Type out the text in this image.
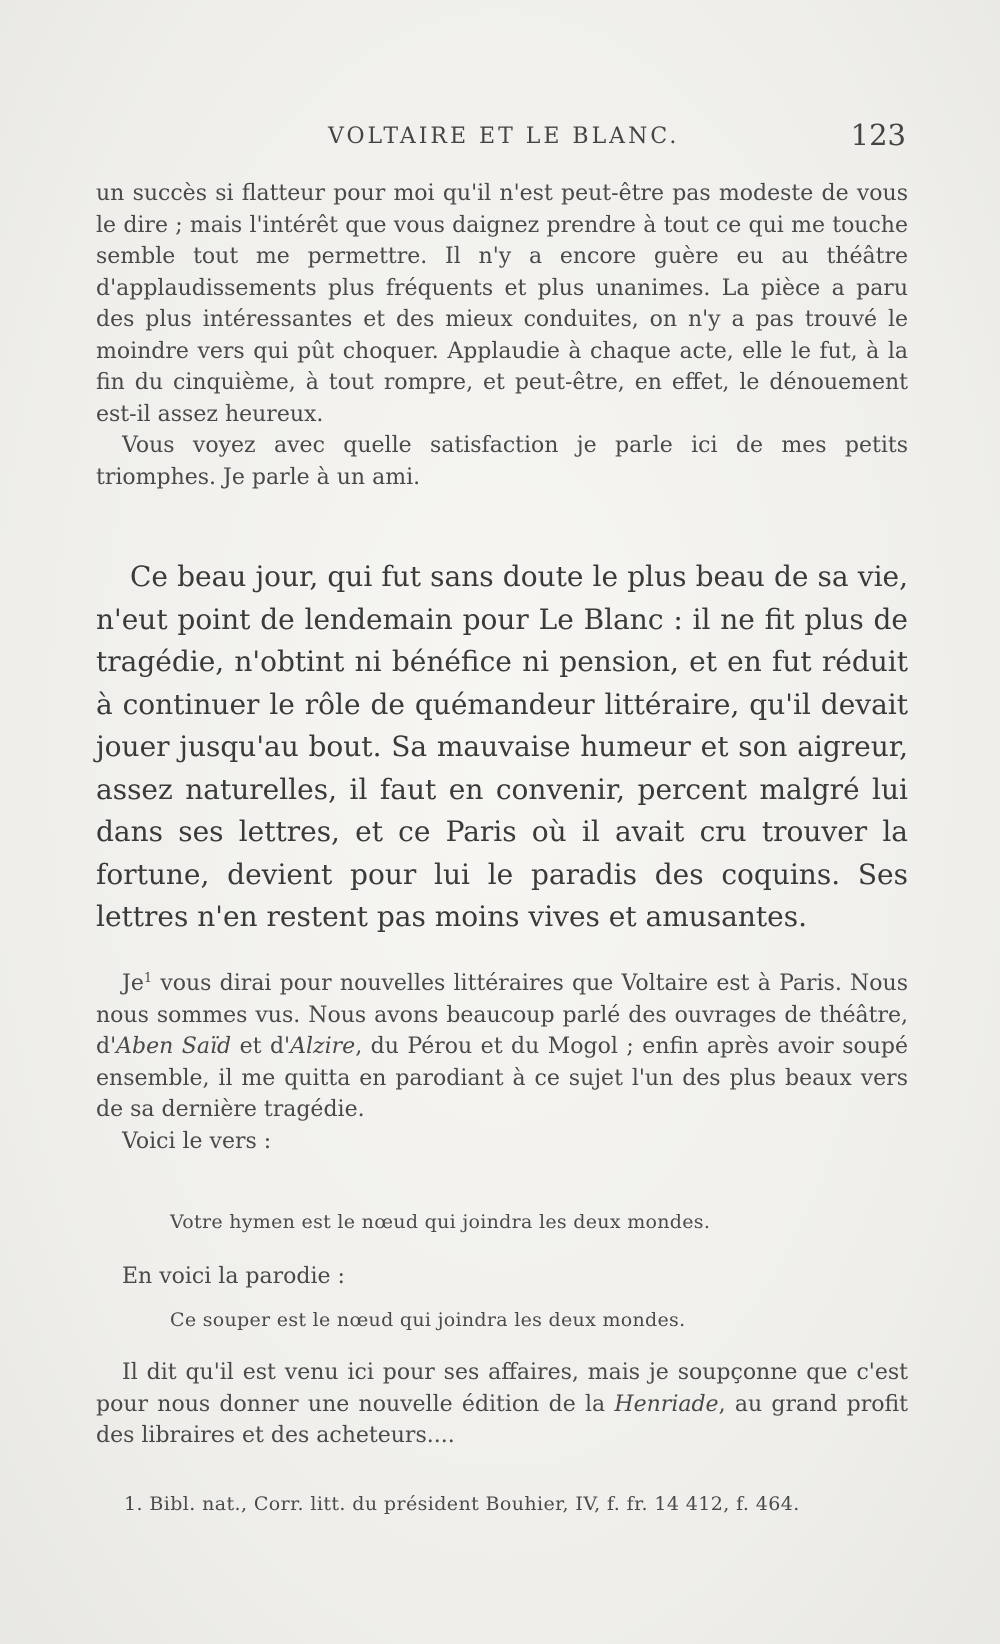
VOLTAIRE ET LE BLANC.	123

un succès si flatteur pour moi qu'il n'est peut-être pas modeste de vous le dire ; mais l'intérêt que vous daignez prendre à tout ce qui me touche semble tout me permettre. Il n'y a encore guère eu au théâtre d'applaudissements plus fréquents et plus unanimes. La pièce a paru des plus intéressantes et des mieux conduites, on n'y a pas trouvé le moindre vers qui pût choquer. Applaudie à chaque acte, elle le fut, à la fin du cinquième, à tout rompre, et peut-être, en effet, le dénouement est-il assez heureux.

Vous voyez avec quelle satisfaction je parle ici de mes petits triomphes. Je parle à un ami.

Ce beau jour, qui fut sans doute le plus beau de sa vie, n'eut point de lendemain pour Le Blanc : il ne fit plus de tragédie, n'obtint ni bénéfice ni pension, et en fut réduit à continuer le rôle de quémandeur littéraire, qu'il devait jouer jusqu'au bout. Sa mauvaise humeur et son aigreur, assez naturelles, il faut en convenir, percent malgré lui dans ses lettres, et ce Paris où il avait cru trouver la fortune, devient pour lui le paradis des coquins. Ses lettres n'en restent pas moins vives et amusantes.

Je$^1$ vous dirai pour nouvelles littéraires que Voltaire est à Paris. Nous nous sommes vus. Nous avons beaucoup parlé des ouvrages de théâtre, d'Aben Saïd et d'Alzire, du Pérou et du Mogol ; enfin après avoir soupé ensemble, il me quitta en parodiant à ce sujet l'un des plus beaux vers de sa dernière tragédie.

Voici le vers :

Votre hymen est le nœud qui joindra les deux mondes.

En voici la parodie :

Ce souper est le nœud qui joindra les deux mondes.

Il dit qu'il est venu ici pour ses affaires, mais je soupçonne que c'est pour nous donner une nouvelle édition de la Henriade, au grand profit des libraires et des acheteurs....

1. Bibl. nat., Corr. litt. du président Bouhier, IV, f. fr. 14 412, f. 464.
